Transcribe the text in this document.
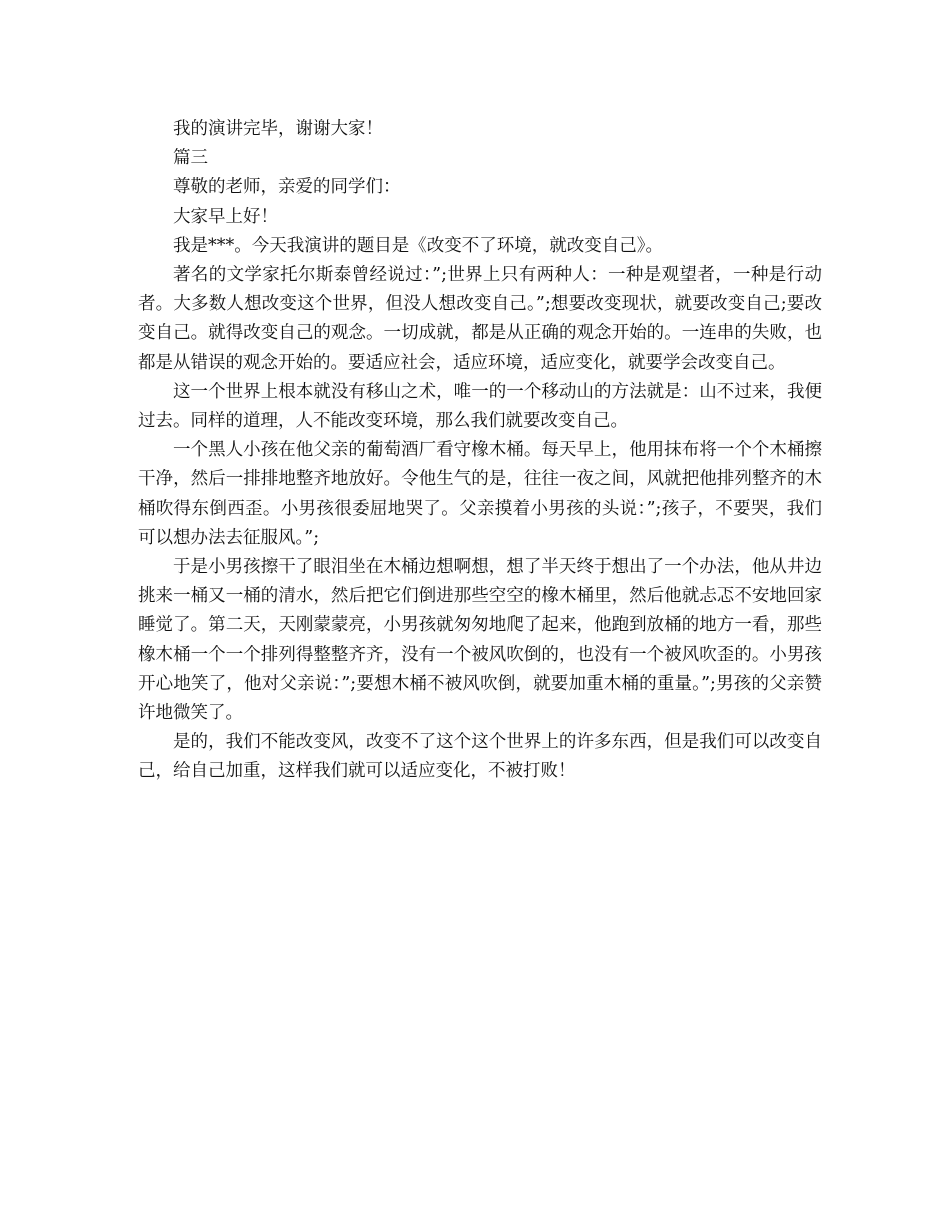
我的演讲完毕，谢谢大家！

篇三

尊敬的老师，亲爱的同学们：

大家早上好！

我是***。今天我演讲的题目是《改变不了环境，就改变自己》。

著名的文学家托尔斯泰曾经说过：”;世界上只有两种人：一种是观望者，一种是行动者。大多数人想改变这个世界，但没人想改变自己。”;想要改变现状，就要改变自己;要改变自己。就得改变自己的观念。一切成就，都是从正确的观念开始的。一连串的失败，也都是从错误的观念开始的。要适应社会，适应环境，适应变化，就要学会改变自己。

这一个世界上根本就没有移山之术，唯一的一个移动山的方法就是：山不过来，我便过去。同样的道理，人不能改变环境，那么我们就要改变自己。

一个黑人小孩在他父亲的葡萄酒厂看守橡木桶。每天早上，他用抹布将一个个木桶擦干净，然后一排排地整齐地放好。令他生气的是，往往一夜之间，风就把他排列整齐的木桶吹得东倒西歪。小男孩很委屈地哭了。父亲摸着小男孩的头说：”;孩子，不要哭，我们可以想办法去征服风。”;

于是小男孩擦干了眼泪坐在木桶边想啊想，想了半天终于想出了一个办法，他从井边挑来一桶又一桶的清水，然后把它们倒进那些空空的橡木桶里，然后他就忐忑不安地回家睡觉了。第二天，天刚蒙蒙亮，小男孩就匆匆地爬了起来，他跑到放桶的地方一看，那些橡木桶一个一个排列得整整齐齐，没有一个被风吹倒的，也没有一个被风吹歪的。小男孩开心地笑了，他对父亲说：”;要想木桶不被风吹倒，就要加重木桶的重量。”;男孩的父亲赞许地微笑了。

是的，我们不能改变风，改变不了这个这个世界上的许多东西，但是我们可以改变自己，给自己加重，这样我们就可以适应变化，不被打败！
